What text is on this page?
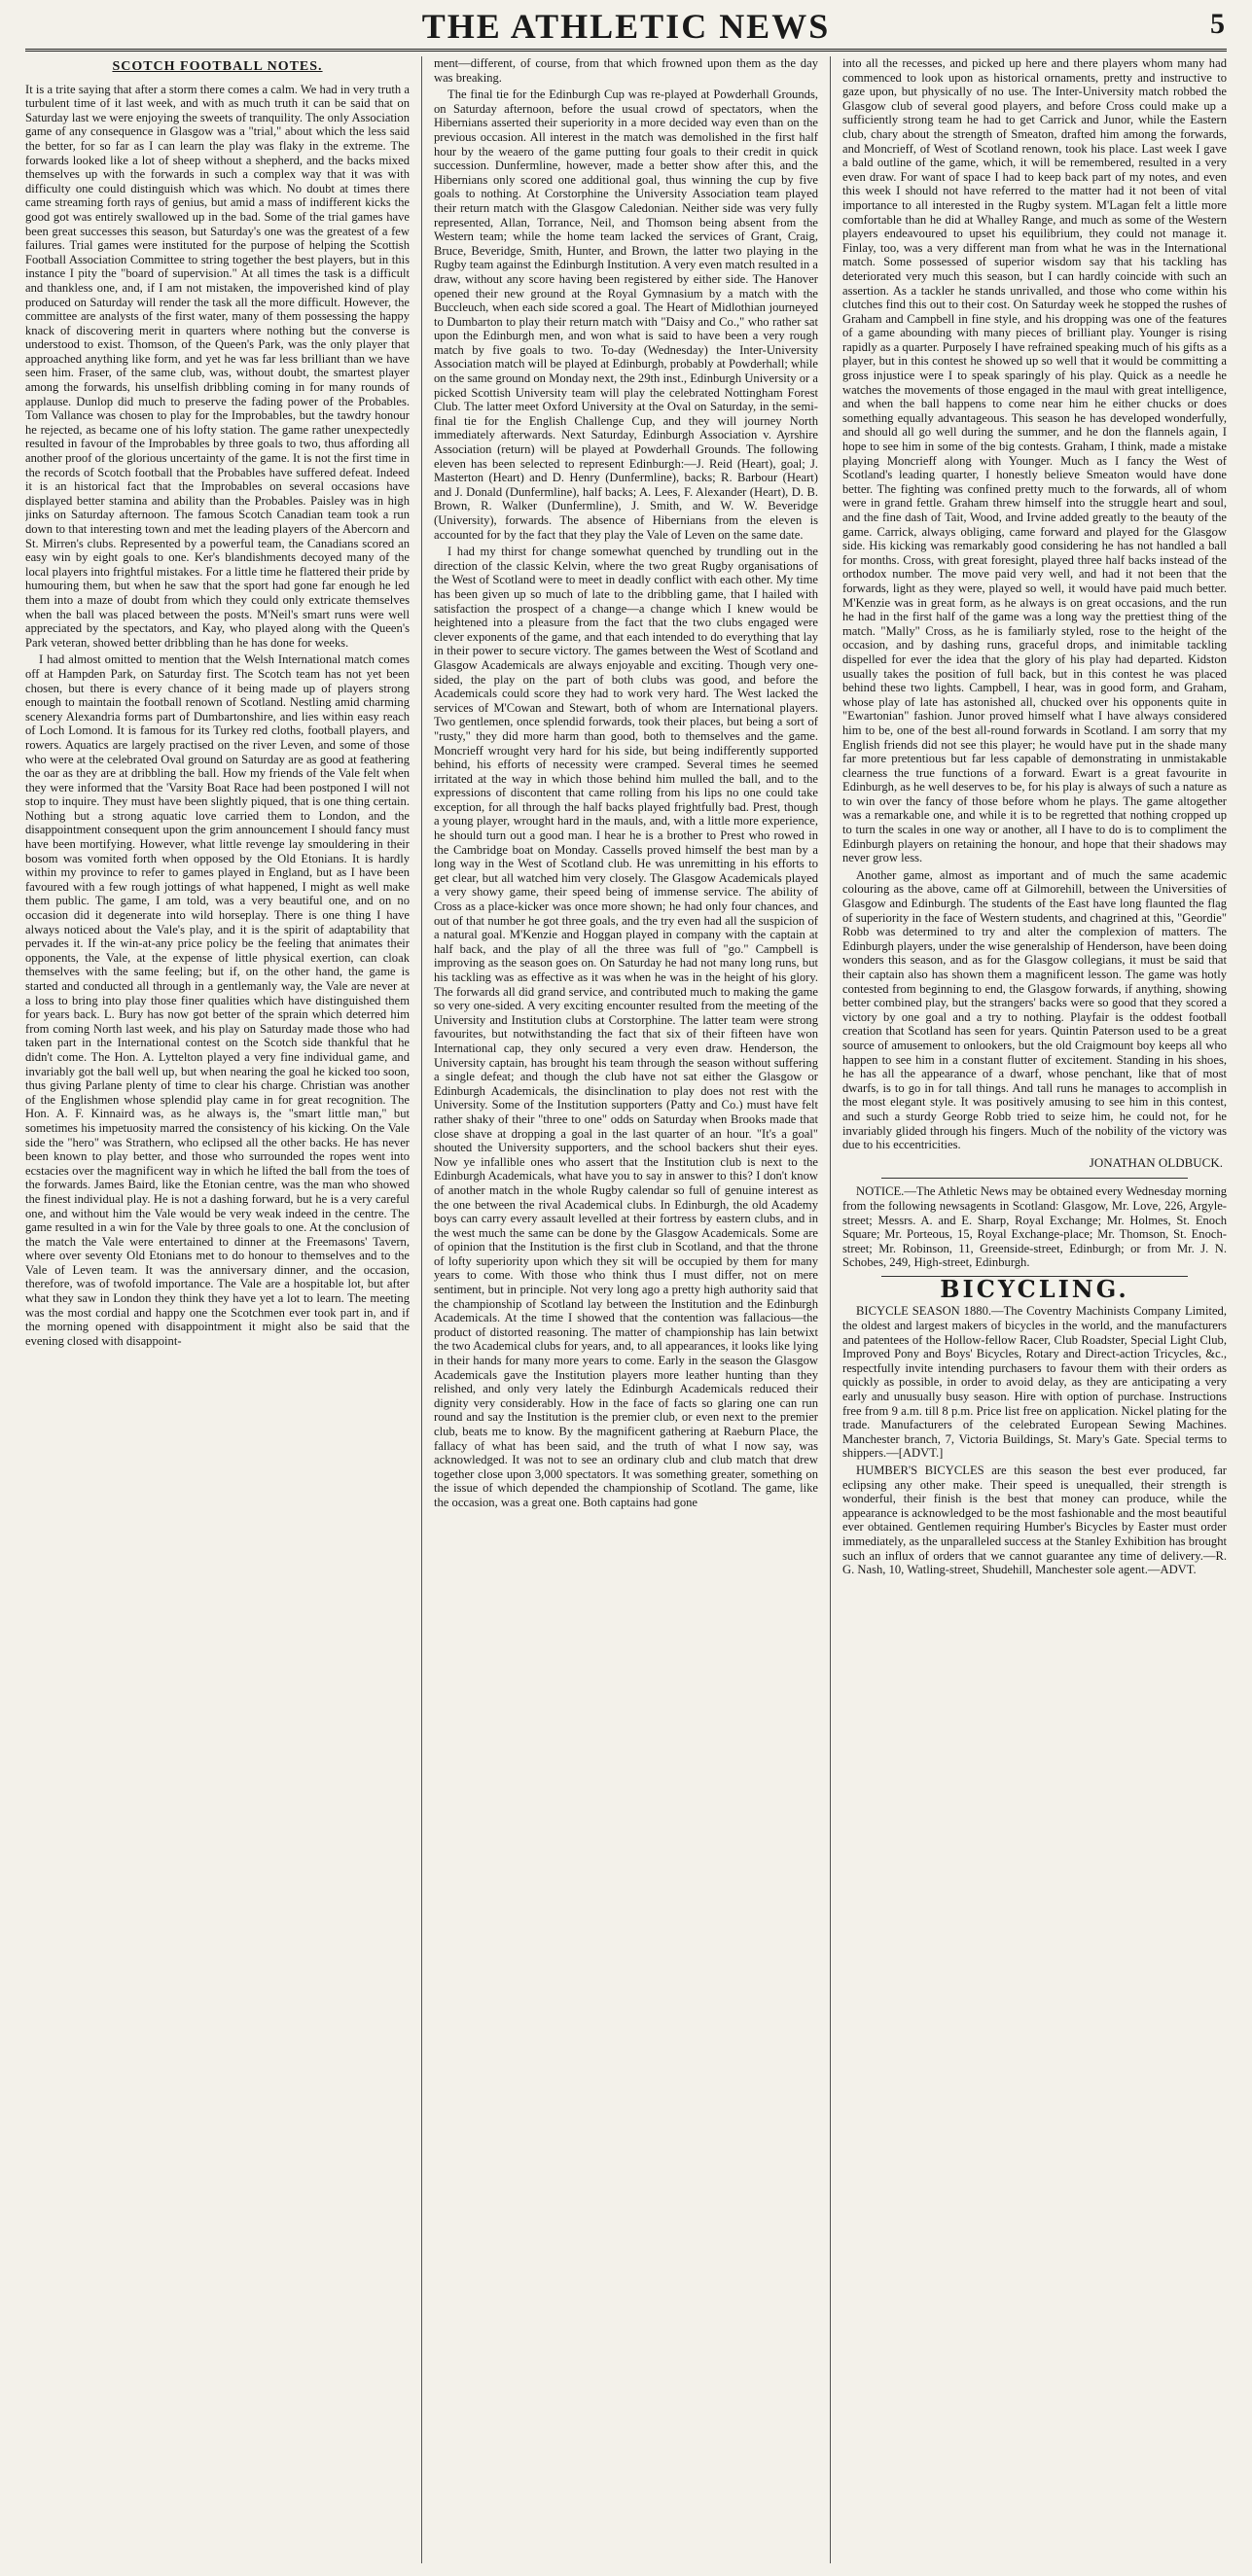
THE ATHLETIC NEWS	5
SCOTCH FOOTBALL NOTES.

It is a trite saying that after a storm there comes a calm. We had in very truth a turbulent time of it last week, and with as much truth it can be said that on Saturday last we were enjoying the sweets of tranquility. The only Association game of any consequence in Glasgow was a "trial," about which the less said the better, for so far as I can learn the play was flaky in the extreme. The forwards looked like a lot of sheep without a shepherd, and the backs mixed themselves up with the forwards in such a complex way that it was with difficulty one could distinguish which was which. No doubt at times there came streaming forth rays of genius, but amid a mass of indifferent kicks the good got was entirely swallowed up in the bad. Some of the trial games have been great successes this season, but Saturday's one was the greatest of a few failures. Trial games were instituted for the purpose of helping the Scottish Football Association Committee to string together the best players, but in this instance I pity the "board of supervision." At all times the task is a difficult and thankless one, and, if I am not mistaken, the impoverished kind of play produced on Saturday will render the task all the more difficult. However, the committee are analysts of the first water, many of them possessing the happy knack of discovering merit in quarters where nothing but the converse is understood to exist. Thomson, of the Queen's Park, was the only player that approached anything like form, and yet he was far less brilliant than we have seen him. Fraser, of the same club, was, without doubt, the smartest player among the forwards, his unselfish dribbling coming in for many rounds of applause. Dunlop did much to preserve the fading power of the Probables. Tom Vallance was chosen to play for the Improbables, but the tawdry honour he rejected, as became one of his lofty station. The game rather unexpectedly resulted in favour of the Improbables by three goals to two, thus affording all another proof of the glorious uncertainty of the game. It is not the first time in the records of Scotch football that the Probables have suffered defeat. Indeed it is an historical fact that the Improbables on several occasions have displayed better stamina and ability than the Probables. Paisley was in high jinks on Saturday afternoon. The famous Scotch Canadian team took a run down to that interesting town and met the leading players of the Abercorn and St. Mirren's clubs. Represented by a powerful team, the Canadians scored an easy win by eight goals to one. Ker's blandishments decoyed many of the local players into frightful mistakes. For a little time he flattered their pride by humouring them, but when he saw that the sport had gone far enough he led them into a maze of doubt from which they could only extricate themselves when the ball was placed between the posts. M'Neil's smart runs were well appreciated by the spectators, and Kay, who played along with the Queen's Park veteran, showed better dribbling than he has done for weeks.

I had almost omitted to mention that the Welsh International match comes off at Hampden Park, on Saturday first. The Scotch team has not yet been chosen, but there is every chance of it being made up of players strong enough to maintain the football renown of Scotland. Nestling amid charming scenery Alexandria forms part of Dumbartonshire, and lies within easy reach of Loch Lomond. It is famous for its Turkey red cloths, football players, and rowers. Aquatics are largely practised on the river Leven, and some of those who were at the celebrated Oval ground on Saturday are as good at feathering the oar as they are at dribbling the ball. How my friends of the Vale felt when they were informed that the 'Varsity Boat Race had been postponed I will not stop to inquire. They must have been slightly piqued, that is one thing certain. Nothing but a strong aquatic love carried them to London, and the disappointment consequent upon the grim announcement I should fancy must have been mortifying. However, what little revenge lay smouldering in their bosom was vomited forth when opposed by the Old Etonians. It is hardly within my province to refer to games played in England, but as I have been favoured with a few rough jottings of what happened, I might as well make them public. The game, I am told, was a very beautiful one, and on no occasion did it degenerate into wild horseplay. There is one thing I have always noticed about the Vale's play, and it is the spirit of adaptability that pervades it. If the win-at-any price policy be the feeling that animates their opponents, the Vale, at the expense of little physical exertion, can cloak themselves with the same feeling; but if, on the other hand, the game is started and conducted all through in a gentlemanly way, the Vale are never at a loss to bring into play those finer qualities which have distinguished them for years back. L. Bury has now got better of the sprain which deterred him from coming North last week, and his play on Saturday made those who had taken part in the International contest on the Scotch side thankful that he didn't come. The Hon. A. Lyttelton played a very fine individual game, and invariably got the ball well up, but when nearing the goal he kicked too soon, thus giving Parlane plenty of time to clear his charge. Christian was another of the Englishmen whose splendid play came in for great recognition. The Hon. A. F. Kinnaird was, as he always is, the "smart little man," but sometimes his impetuosity marred the consistency of his kicking. On the Vale side the "hero" was Strathern, who eclipsed all the other backs. He has never been known to play better, and those who surrounded the ropes went into ecstacies over the magnificent way in which he lifted the ball from the toes of the forwards. James Baird, like the Etonian centre, was the man who showed the finest individual play. He is not a dashing forward, but he is a very careful one, and without him the Vale would be very weak indeed in the centre. The game resulted in a win for the Vale by three goals to one. At the conclusion of the match the Vale were entertained to dinner at the Freemasons' Tavern, where over seventy Old Etonians met to do honour to themselves and to the Vale of Leven team. It was the anniversary dinner, and the occasion, therefore, was of twofold importance. The Vale are a hospitable lot, but after what they saw in London they think they have yet a lot to learn. The meeting was the most cordial and happy one the Scotchmen ever took part in, and if the morning opened with disappointment it might also be said that the evening closed with disappoint-

ment—different, of course, from that which frowned upon them as the day was breaking.

The final tie for the Edinburgh Cup was re-played at Powderhall Grounds, on Saturday afternoon, before the usual crowd of spectators, when the Hibernians asserted their superiority in a more decided way even than on the previous occasion. All interest in the match was demolished in the first half hour by the weaero of the game putting four goals to their credit in quick succession. Dunfermline, however, made a better show after this, and the Hibernians only scored one additional goal, thus winning the cup by five goals to nothing. At Corstorphine the University Association team played their return match with the Glasgow Caledonian. Neither side was very fully represented, Allan, Torrance, Neil, and Thomson being absent from the Western team; while the home team lacked the services of Grant, Craig, Bruce, Beveridge, Smith, Hunter, and Brown, the latter two playing in the Rugby team against the Edinburgh Institution. A very even match resulted in a draw, without any score having been registered by either side. The Hanover opened their new ground at the Royal Gymnasium by a match with the Buccleuch, when each side scored a goal. The Heart of Midlothian journeyed to Dumbarton to play their return match with "Daisy and Co.," who rather sat upon the Edinburgh men, and won what is said to have been a very rough match by five goals to two. To-day (Wednesday) the Inter-University Association match will be played at Edinburgh, probably at Powderhall; while on the same ground on Monday next, the 29th inst., Edinburgh University or a picked Scottish University team will play the celebrated Nottingham Forest Club. The latter meet Oxford University at the Oval on Saturday, in the semi-final tie for the English Challenge Cup, and they will journey North immediately afterwards. Next Saturday, Edinburgh Association v. Ayrshire Association (return) will be played at Powderhall Grounds. The following eleven has been selected to represent Edinburgh:—J. Reid (Heart), goal; J. Masterton (Heart) and D. Henry (Dunfermline), backs; R. Barbour (Heart) and J. Donald (Dunfermline), half backs; A. Lees, F. Alexander (Heart), D. B. Brown, R. Walker (Dunfermline), J. Smith, and W. W. Beveridge (University), forwards. The absence of Hibernians from the eleven is accounted for by the fact that they play the Vale of Leven on the same date.

I had my thirst for change somewhat quenched by trundling out in the direction of the classic Kelvin, where the two great Rugby organisations of the West of Scotland were to meet in deadly conflict with each other. My time has been given up so much of late to the dribbling game, that I hailed with satisfaction the prospect of a change—a change which I knew would be heightened into a pleasure from the fact that the two clubs engaged were clever exponents of the game, and that each intended to do everything that lay in their power to secure victory. The games between the West of Scotland and Glasgow Academicals are always enjoyable and exciting. Though very one-sided, the play on the part of both clubs was good, and before the Academicals could score they had to work very hard. The West lacked the services of M'Cowan and Stewart, both of whom are International players. Two gentlemen, once splendid forwards, took their places, but being a sort of "rusty," they did more harm than good, both to themselves and the game. Moncrieff wrought very hard for his side, but being indifferently supported behind, his efforts of necessity were cramped. Several times he seemed irritated at the way in which those behind him mulled the ball, and to the expressions of discontent that came rolling from his lips no one could take exception, for all through the half backs played frightfully bad. Prest, though a young player, wrought hard in the mauls, and, with a little more experience, he should turn out a good man. I hear he is a brother to Prest who rowed in the Cambridge boat on Monday. Cassells proved himself the best man by a long way in the West of Scotland club. He was unremitting in his efforts to get clear, but all watched him very closely. The Glasgow Academicals played a very showy game, their speed being of immense service. The ability of Cross as a place-kicker was once more shown; he had only four chances, and out of that number he got three goals, and the try even had all the suspicion of a natural goal. M'Kenzie and Hoggan played in company with the captain at half back, and the play of all the three was full of "go." Campbell is improving as the season goes on. On Saturday he had not many long runs, but his tackling was as effective as it was when he was in the height of his glory. The forwards all did grand service, and contributed much to making the game so very one-sided. A very exciting encounter resulted from the meeting of the University and Institution clubs at Corstorphine. The latter team were strong favourites, but notwithstanding the fact that six of their fifteen have won International cap, they only secured a very even draw. Henderson, the University captain, has brought his team through the season without suffering a single defeat; and though the club have not sat either the Glasgow or Edinburgh Academicals, the disinclination to play does not rest with the University. Some of the Institution supporters (Patty and Co.) must have felt rather shaky of their "three to one" odds on Saturday when Brooks made that close shave at dropping a goal in the last quarter of an hour. "It's a goal" shouted the University supporters, and the school backers shut their eyes. Now ye infallible ones who assert that the Institution club is next to the Edinburgh Academicals, what have you to say in answer to this? I don't know of another match in the whole Rugby calendar so full of genuine interest as the one between the rival Academical clubs. In Edinburgh, the old Academy boys can carry every assault levelled at their fortress by eastern clubs, and in the west much the same can be done by the Glasgow Academicals. Some are of opinion that the Institution is the first club in Scotland, and that the throne of lofty superiority upon which they sit will be occupied by them for many years to come. With those who think thus I must differ, not on mere sentiment, but in principle. Not very long ago a pretty high authority said that the championship of Scotland lay between the Institution and the Edinburgh Academicals. At the time I showed that the contention was fallacious—the product of distorted reasoning. The matter of championship has lain betwixt the two Academical clubs for years, and, to all appearances, it looks like lying in their hands for many more years to come. Early in the season the Glasgow Academicals gave the Institution players more leather hunting than they relished, and only very lately the Edinburgh Academicals reduced their dignity very considerably. How in the face of facts so glaring one can run round and say the Institution is the premier club, or even next to the premier club, beats me to know. By the magnificent gathering at Raeburn Place, the fallacy of what has been said, and the truth of what I now say, was acknowledged. It was not to see an ordinary club and club match that drew together close upon 3,000 spectators. It was something greater, something on the issue of which depended the championship of Scotland. The game, like the occasion, was a great one. Both captains had gone

into all the recesses, and picked up here and there players whom many had commenced to look upon as historical ornaments, pretty and instructive to gaze upon, but physically of no use. The Inter-University match robbed the Glasgow club of several good players, and before Cross could make up a sufficiently strong team he had to get Carrick and Junor, while the Eastern club, chary about the strength of Smeaton, drafted him among the forwards, and Moncrieff, of West of Scotland renown, took his place. Last week I gave a bald outline of the game, which, it will be remembered, resulted in a very even draw. For want of space I had to keep back part of my notes, and even this week I should not have referred to the matter had it not been of vital importance to all interested in the Rugby system. M'Lagan felt a little more comfortable than he did at Whalley Range, and much as some of the Western players endeavoured to upset his equilibrium, they could not manage it. Finlay, too, was a very different man from what he was in the International match. Some possessed of superior wisdom say that his tackling has deteriorated very much this season, but I can hardly coincide with such an assertion. As a tackler he stands unrivalled, and those who come within his clutches find this out to their cost. On Saturday week he stopped the rushes of Graham and Campbell in fine style, and his dropping was one of the features of a game abounding with many pieces of brilliant play. Younger is rising rapidly as a quarter. Purposely I have refrained speaking much of his gifts as a player, but in this contest he showed up so well that it would be committing a gross injustice were I to speak sparingly of his play. Quick as a needle he watches the movements of those engaged in the maul with great intelligence, and when the ball happens to come near him he either chucks or does something equally advantageous. This season he has developed wonderfully, and should all go well during the summer, and he don the flannels again, I hope to see him in some of the big contests. Graham, I think, made a mistake playing Moncrieff along with Younger. Much as I fancy the West of Scotland's leading quarter, I honestly believe Smeaton would have done better. The fighting was confined pretty much to the forwards, all of whom were in grand fettle. Graham threw himself into the struggle heart and soul, and the fine dash of Tait, Wood, and Irvine added greatly to the beauty of the game. Carrick, always obliging, came forward and played for the Glasgow side. His kicking was remarkably good considering he has not handled a ball for months. Cross, with great foresight, played three half backs instead of the orthodox number. The move paid very well, and had it not been that the forwards, light as they were, played so well, it would have paid much better. M'Kenzie was in great form, as he always is on great occasions, and the run he had in the first half of the game was a long way the prettiest thing of the match. "Mally" Cross, as he is familiarly styled, rose to the height of the occasion, and by dashing runs, graceful drops, and inimitable tackling dispelled for ever the idea that the glory of his play had departed. Kidston usually takes the position of full back, but in this contest he was placed behind these two lights. Campbell, I hear, was in good form, and Graham, whose play of late has astonished all, chucked over his opponents quite in "Ewartonian" fashion. Junor proved himself what I have always considered him to be, one of the best all-round forwards in Scotland. I am sorry that my English friends did not see this player; he would have put in the shade many far more pretentious but far less capable of demonstrating in unmistakable clearness the true functions of a forward. Ewart is a great favourite in Edinburgh, as he well deserves to be, for his play is always of such a nature as to win over the fancy of those before whom he plays. The game altogether was a remarkable one, and while it is to be regretted that nothing cropped up to turn the scales in one way or another, all I have to do is to compliment the Edinburgh players on retaining the honour, and hope that their shadows may never grow less.

Another game, almost as important and of much the same academic colouring as the above, came off at Gilmorehill, between the Universities of Glasgow and Edinburgh. The students of the East have long flaunted the flag of superiority in the face of Western students, and chagrined at this, "Geordie" Robb was determined to try and alter the complexion of matters. The Edinburgh players, under the wise generalship of Henderson, have been doing wonders this season, and as for the Glasgow collegians, it must be said that their captain also has shown them a magnificent lesson. The game was hotly contested from beginning to end, the Glasgow forwards, if anything, showing better combined play, but the strangers' backs were so good that they scored a victory by one goal and a try to nothing. Playfair is the oddest football creation that Scotland has seen for years. Quintin Paterson used to be a great source of amusement to onlookers, but the old Craigmount boy keeps all who happen to see him in a constant flutter of excitement. Standing in his shoes, he has all the appearance of a dwarf, whose penchant, like that of most dwarfs, is to go in for tall things. And tall runs he manages to accomplish in the most elegant style. It was positively amusing to see him in this contest, and such a sturdy George Robb tried to seize him, he could not, for he invariably glided through his fingers. Much of the nobility of the victory was due to his eccentricities.

JONATHAN OLDBUCK.

NOTICE.—The Athletic News may be obtained every Wednesday morning from the following newsagents in Scotland: Glasgow, Mr. Love, 226, Argyle-street; Messrs. A. and E. Sharp, Royal Exchange; Mr. Holmes, St. Enoch Square; Mr. Porteous, 15, Royal Exchange-place; Mr. Thomson, St. Enoch-street; Mr. Robinson, 11, Greenside-street, Edinburgh; or from Mr. J. N. Schobes, 249, High-street, Edinburgh.

BICYCLING.

BICYCLE SEASON 1880.—The Coventry Machinists Company Limited, the oldest and largest makers of bicycles in the world, and the manufacturers and patentees of the Hollow-fellow Racer, Club Roadster, Special Light Club, Improved Pony and Boys' Bicycles, Rotary and Direct-action Tricycles, &c., respectfully invite intending purchasers to favour them with their orders as quickly as possible, in order to avoid delay, as they are anticipating a very early and unusually busy season. Hire with option of purchase. Instructions free from 9 a.m. till 8 p.m. Price list free on application. Nickel plating for the trade. Manufacturers of the celebrated European Sewing Machines. Manchester branch, 7, Victoria Buildings, St. Mary's Gate. Special terms to shippers.—[ADVT.]

HUMBER'S BICYCLES are this season the best ever produced, far eclipsing any other make. Their speed is unequalled, their strength is wonderful, their finish is the best that money can produce, while the appearance is acknowledged to be the most fashionable and the most beautiful ever obtained. Gentlemen requiring Humber's Bicycles by Easter must order immediately, as the unparalleled success at the Stanley Exhibition has brought such an influx of orders that we cannot guarantee any time of delivery.—R. G. Nash, 10, Watling-street, Shudehill, Manchester sole agent.—ADVT.
